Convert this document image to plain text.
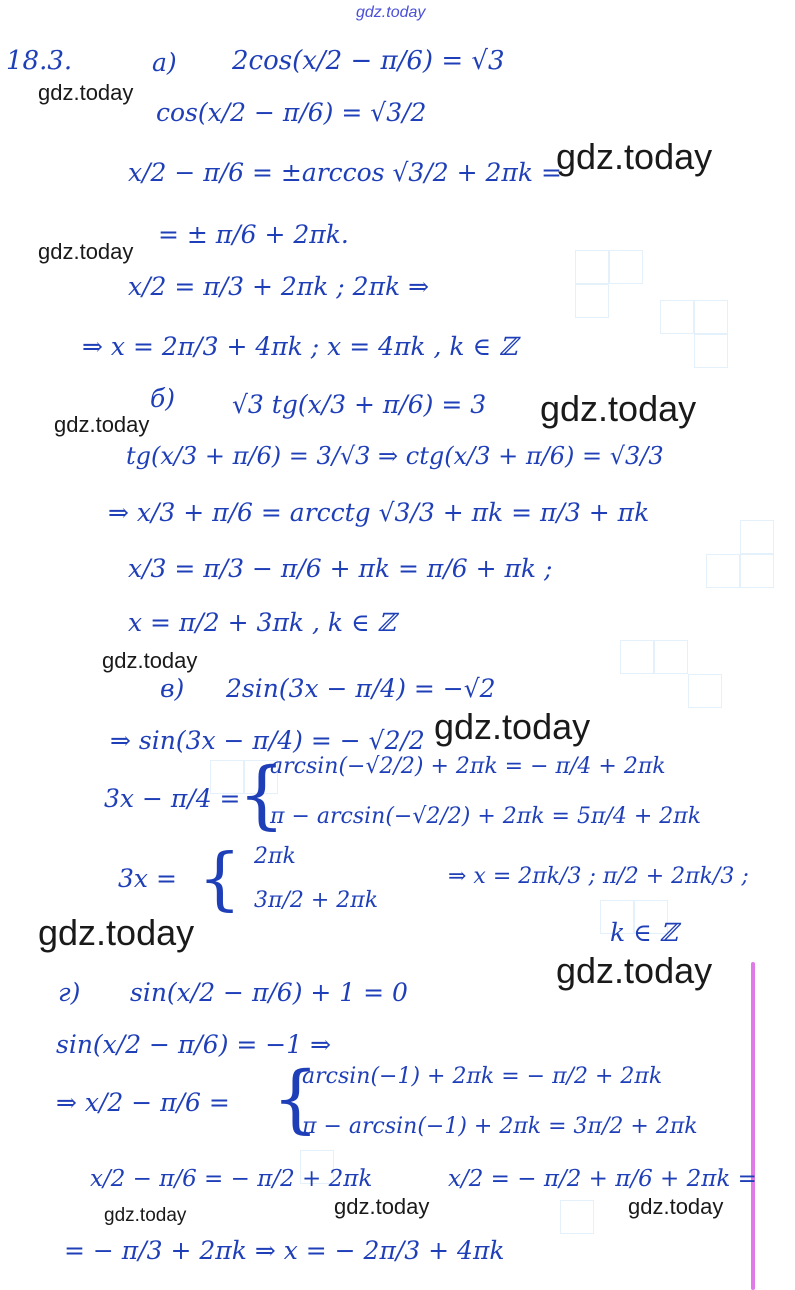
gdz.today
gdz.today
gdz.today
gdz.today
gdz.today
gdz.today
gdz.today
gdz.today
gdz.today
gdz.today
gdz.today	gdz.today	gdz.today
18.3.	а) 2cos(x/2 − π/6) = √3
cos(x/2 − π/6) = √3/2
x/2 − π/6 = ±arccos √3/2 + 2πk =
= ± π/6 + 2πk.
x/2 = π/3 + 2πk ; 2πk ⇒
⇒ x = 2π/3 + 4πk ; x = 4πk , k ∈ ℤ
б) √3 tg(x/3 + π/6) = 3
tg(x/3 + π/6) = 3/√3 ⇒ ctg(x/3 + π/6) = √3/3
⇒ x/3 + π/6 = arcctg √3/3 + πk = π/3 + πk
x/3 = π/3 − π/6 + πk = π/6 + πk ;
x = π/2 + 3πk , k ∈ ℤ
в) 2sin(3x − π/4) = −√2
⇒ sin(3x − π/4) = − √2/2
3x − π/4 =
{
arcsin(−√2/2) + 2πk = − π/4 + 2πk
π − arcsin(−√2/2) + 2πk = 5π/4 + 2πk
3x = { 2πk
3π/2 + 2πk
⇒ x = 2πk/3 ; π/2 + 2πk/3 ;
k ∈ ℤ
г) sin(x/2 − π/6) + 1 = 0
sin(x/2 − π/6) = −1 ⇒
⇒ x/2 − π/6 = {
arcsin(−1) + 2πk = − π/2 + 2πk
π − arcsin(−1) + 2πk = 3π/2 + 2πk
x/2 − π/6 = − π/2 + 2πk	x/2 = − π/2 + π/6 + 2πk =
= − π/3 + 2πk ⇒ x = − 2π/3 + 4πk
